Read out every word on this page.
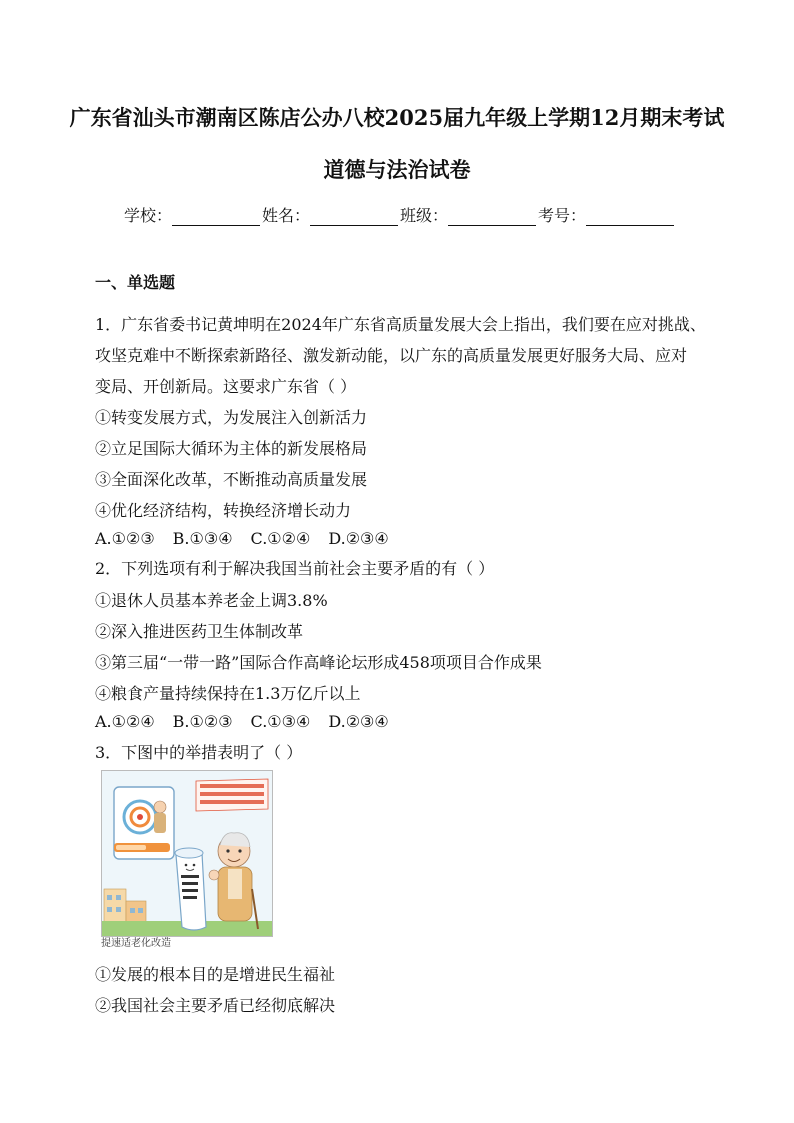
广东省汕头市潮南区陈店公办八校2025届九年级上学期12月期末考试
道德与法治试卷
学校：	姓名：	班级：	考号：
一、单选题
1．广东省委书记黄坤明在2024年广东省高质量发展大会上指出，我们要在应对挑战、
攻坚克难中不断探索新路径、激发新动能，以广东的高质量发展更好服务大局、应对
变局、开创新局。这要求广东省（ ）
①转变发展方式，为发展注入创新活力
②立足国际大循环为主体的新发展格局
③全面深化改革，不断推动高质量发展
④优化经济结构，转换经济增长动力
A.①②③ B.①③④ C.①②④ D.②③④
2．下列选项有利于解决我国当前社会主要矛盾的有（ ）
①退休人员基本养老金上调3.8%
②深入推进医药卫生体制改革
③第三届“一带一路”国际合作高峰论坛形成458项项目合作成果
④粮食产量持续保持在1.3万亿斤以上
A.①②④ B.①②③ C.①③④ D.②③④
3．下图中的举措表明了（ ）
提速适老化改造
①发展的根本目的是增进民生福祉
②我国社会主要矛盾已经彻底解决
